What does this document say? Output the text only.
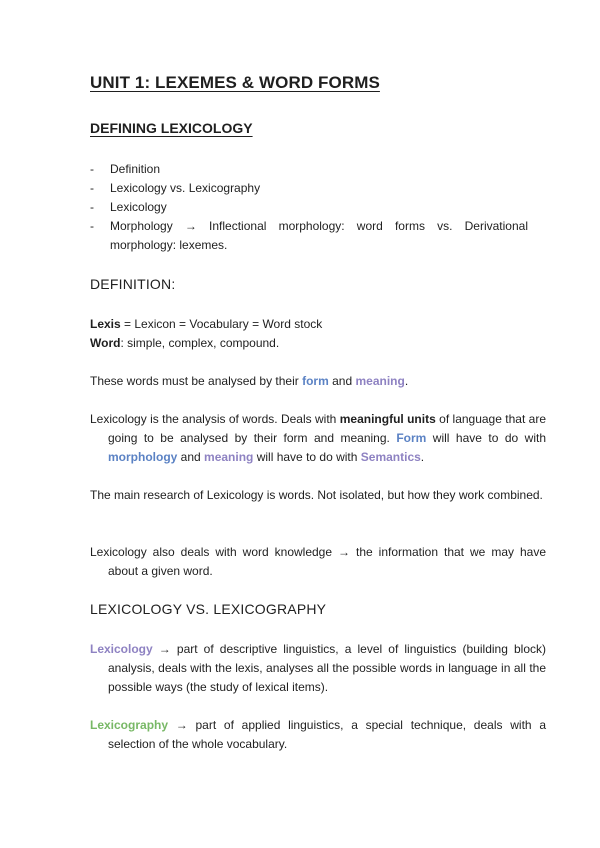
UNIT 1: LEXEMES & WORD FORMS
DEFINING LEXICOLOGY
- Definition
- Lexicology vs. Lexicography
- Lexicology
- Morphology → Inflectional morphology: word forms vs. Derivational morphology: lexemes.
DEFINITION:

Lexis = Lexicon = Vocabulary = Word stock

Word: simple, complex, compound.

These words must be analysed by their form and meaning.

Lexicology is the analysis of words. Deals with meaningful units of language that are going to be analysed by their form and meaning. Form will have to do with morphology and meaning will have to do with Semantics.

The main research of Lexicology is words. Not isolated, but how they work combined.

Lexicology also deals with word knowledge → the information that we may have about a given word.

LEXICOLOGY VS. LEXICOGRAPHY

Lexicology → part of descriptive linguistics, a level of linguistics (building block) analysis, deals with the lexis, analyses all the possible words in language in all the possible ways (the study of lexical items).

Lexicography → part of applied linguistics, a special technique, deals with a selection of the whole vocabulary.
